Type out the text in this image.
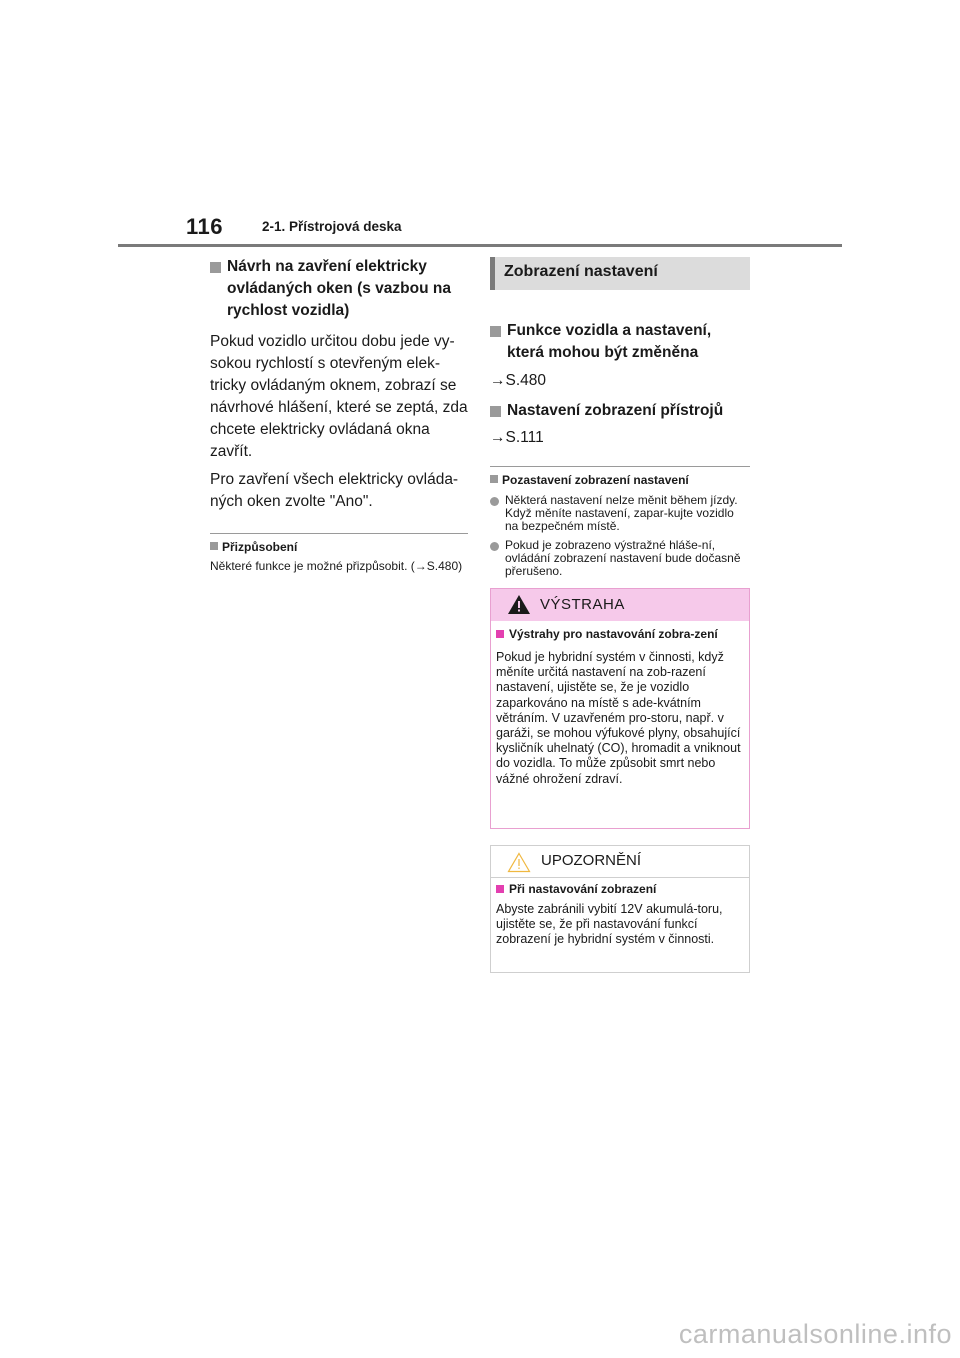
116	2-1. Přístrojová deska
Návrh na zavření elektricky ovládaných oken (s vazbou na rychlost vozidla)
Pokud vozidlo určitou dobu jede vy-sokou rychlostí s otevřeným elek-tricky ovládaným oknem, zobrazí se návrhové hlášení, které se zeptá, zda chcete elektricky ovládaná okna zavřít.
Pro zavření všech elektricky ovláda-ných oken zvolte "Ano".
Přizpůsobení
Některé funkce je možné přizpůsobit. (→S.480)
Zobrazení nastavení
Funkce vozidla a nastavení, která mohou být změněna
→S.480
Nastavení zobrazení přístrojů
→S.111
Pozastavení zobrazení nastavení
Některá nastavení nelze měnit během jízdy. Když měníte nastavení, zapar-kujte vozidlo na bezpečném místě.
Pokud je zobrazeno výstražné hláše-ní, ovládání zobrazení nastavení bude dočasně přerušeno.
VÝSTRAHA
Výstrahy pro nastavování zobra-zení
Pokud je hybridní systém v činnosti, když měníte určitá nastavení na zob-razení nastavení, ujistěte se, že je vozidlo zaparkováno na místě s ade-kvátním větráním. V uzavřeném pro-storu, např. v garáži, se mohou výfukové plyny, obsahující kysličník uhelnatý (CO), hromadit a vniknout do vozidla. To může způsobit smrt nebo vážné ohrožení zdraví.
UPOZORNĚNÍ
Při nastavování zobrazení
Abyste zabránili vybití 12V akumulá-toru, ujistěte se, že při nastavování funkcí zobrazení je hybridní systém v činnosti.
carmanualsonline.info
